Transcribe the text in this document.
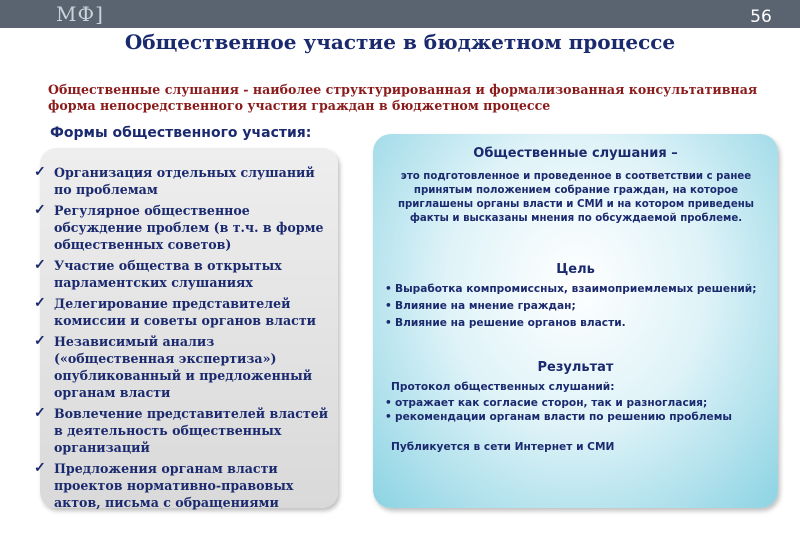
МФ]	56
Общественное участие в бюджетном процессе
Общественные слушания - наиболее структурированная и формализованная консультативная форма непосредственного участия граждан в бюджетном процессе
Формы общественного участия:
✓ Организация отдельных слушаний по проблемам
✓ Регулярное общественное обсуждение проблем (в т.ч. в форме общественных советов)
✓ Участие общества в открытых парламентских слушаниях
✓ Делегирование представителей комиссии и советы органов власти
✓ Независимый анализ («общественная экспертиза») опубликованный и предложенный органам власти
✓ Вовлечение представителей властей в деятельность общественных организаций
✓ Предложения органам власти проектов нормативно-правовых актов, письма с обращениями
Общественные слушания –
это подготовленное и проведенное в соответствии с ранее принятым положением собрание граждан, на которое приглашены органы власти и СМИ и на котором приведены факты и высказаны мнения по обсуждаемой проблеме.
Цель
• Выработка компромиссных, взаимоприемлемых решений;
• Влияние на мнение граждан;
• Влияние на решение органов власти.
Результат
Протокол общественных слушаний:
• отражает как согласие сторон, так и разногласия;
• рекомендации органам власти по решению проблемы
Публикуется в сети Интернет и СМИ
